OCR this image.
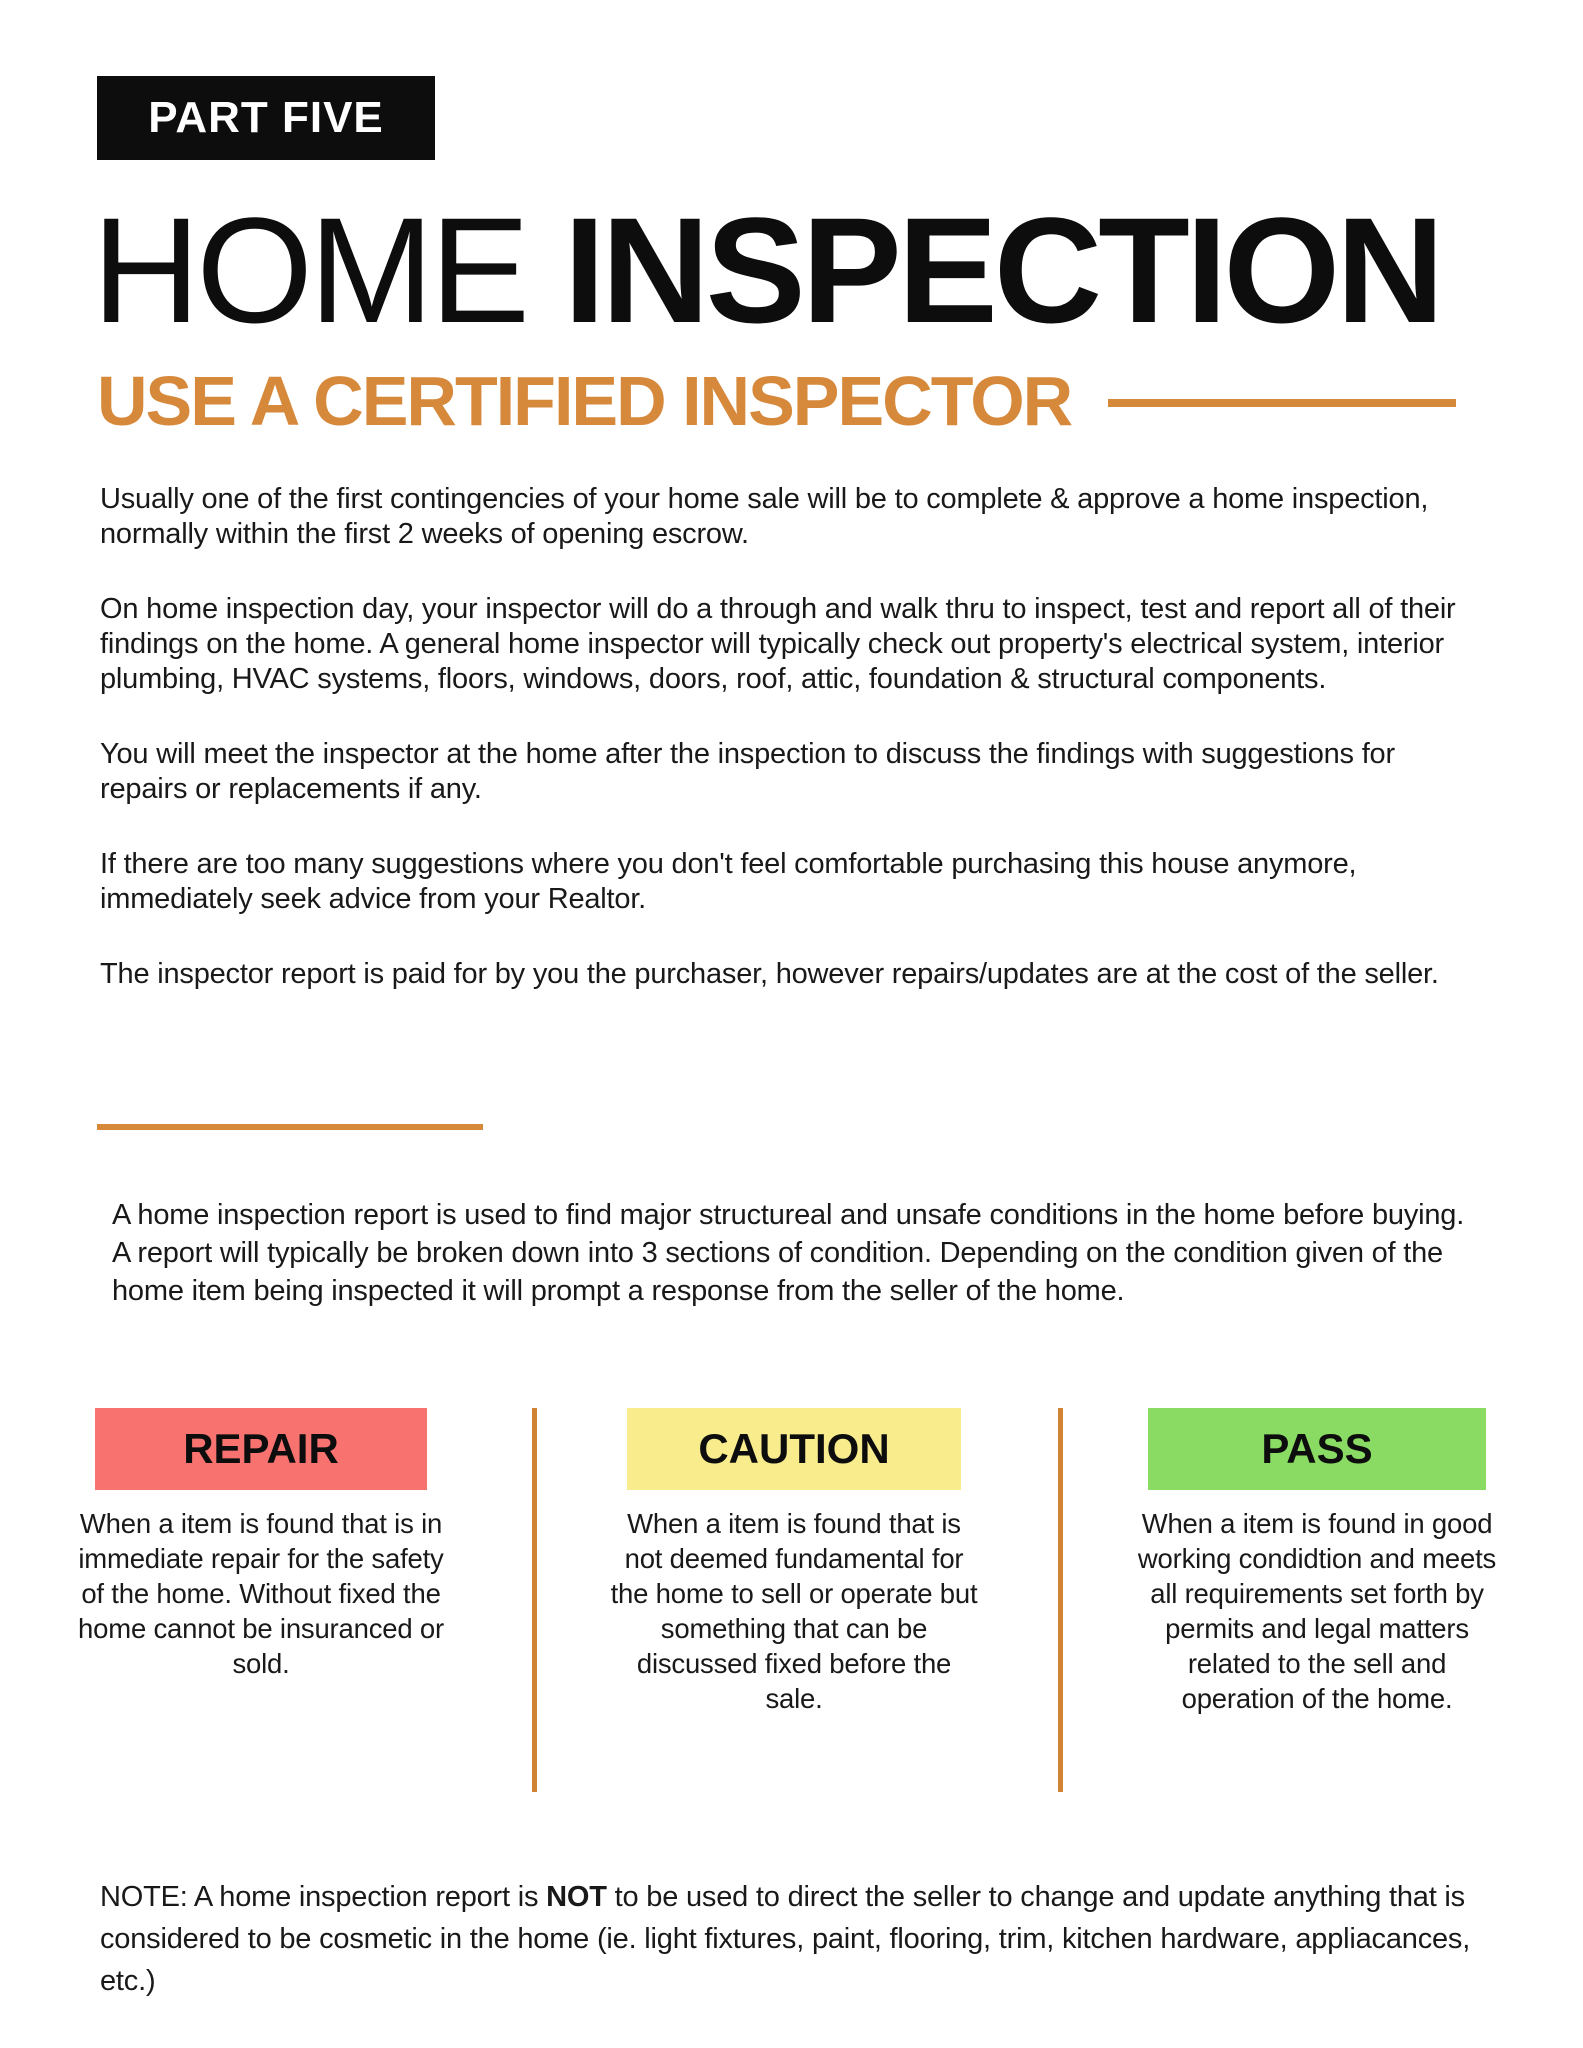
PART FIVE
HOME INSPECTION
USE A CERTIFIED INSPECTOR

Usually one of the first contingencies of your home sale will be to complete & approve a home inspection, normally within the first 2 weeks of opening escrow.

On home inspection day, your inspector will do a through and walk thru to inspect, test and report all of their findings on the home. A general home inspector will typically check out property's electrical system, interior plumbing, HVAC systems, floors, windows, doors, roof, attic, foundation & structural components.

You will meet the inspector at the home after the inspection to discuss the findings with suggestions for repairs or replacements if any.

If there are too many suggestions where you don't feel comfortable purchasing this house anymore, immediately seek advice from your Realtor.

The inspector report is paid for by you the purchaser, however repairs/updates are at the cost of the seller.

A home inspection report is used to find major structureal and unsafe conditions in the home before buying. A report will typically be broken down into 3 sections of condition. Depending on the condition given of the home item being inspected it will prompt a response from the seller of the home.
REPAIR	CAUTION	PASS
When a item is found that is in immediate repair for the safety of the home. Without fixed the home cannot be insuranced or sold.
When a item is found that is not deemed fundamental for the home to sell or operate but something that can be discussed fixed before the sale.
When a item is found in good working condidtion and meets all requirements set forth by permits and legal matters related to the sell and operation of the home.
NOTE: A home inspection report is NOT to be used to direct the seller to change and update anything that is considered to be cosmetic in the home (ie. light fixtures, paint, flooring, trim, kitchen hardware, appliacances, etc.)
